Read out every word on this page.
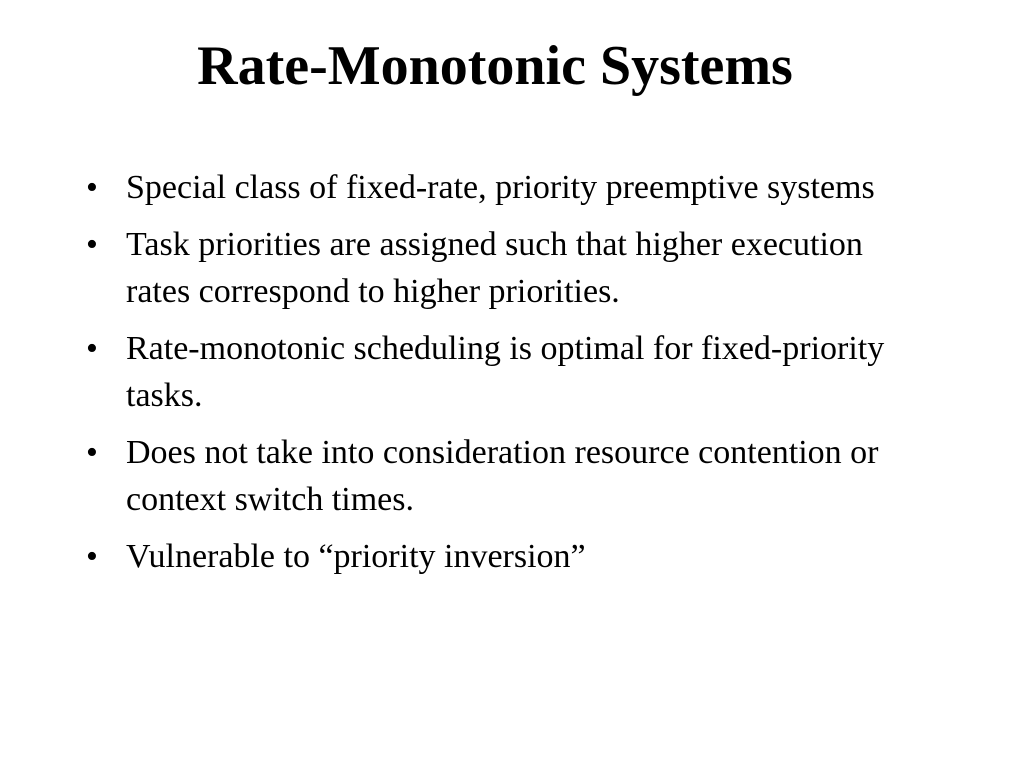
Rate-Monotonic Systems
• Special class of fixed-rate, priority preemptive systems
• Task priorities are assigned such that higher execution rates correspond to higher priorities.
• Rate-monotonic scheduling is optimal for fixed-priority tasks.
• Does not take into consideration resource contention or context switch times.
• Vulnerable to “priority inversion”
